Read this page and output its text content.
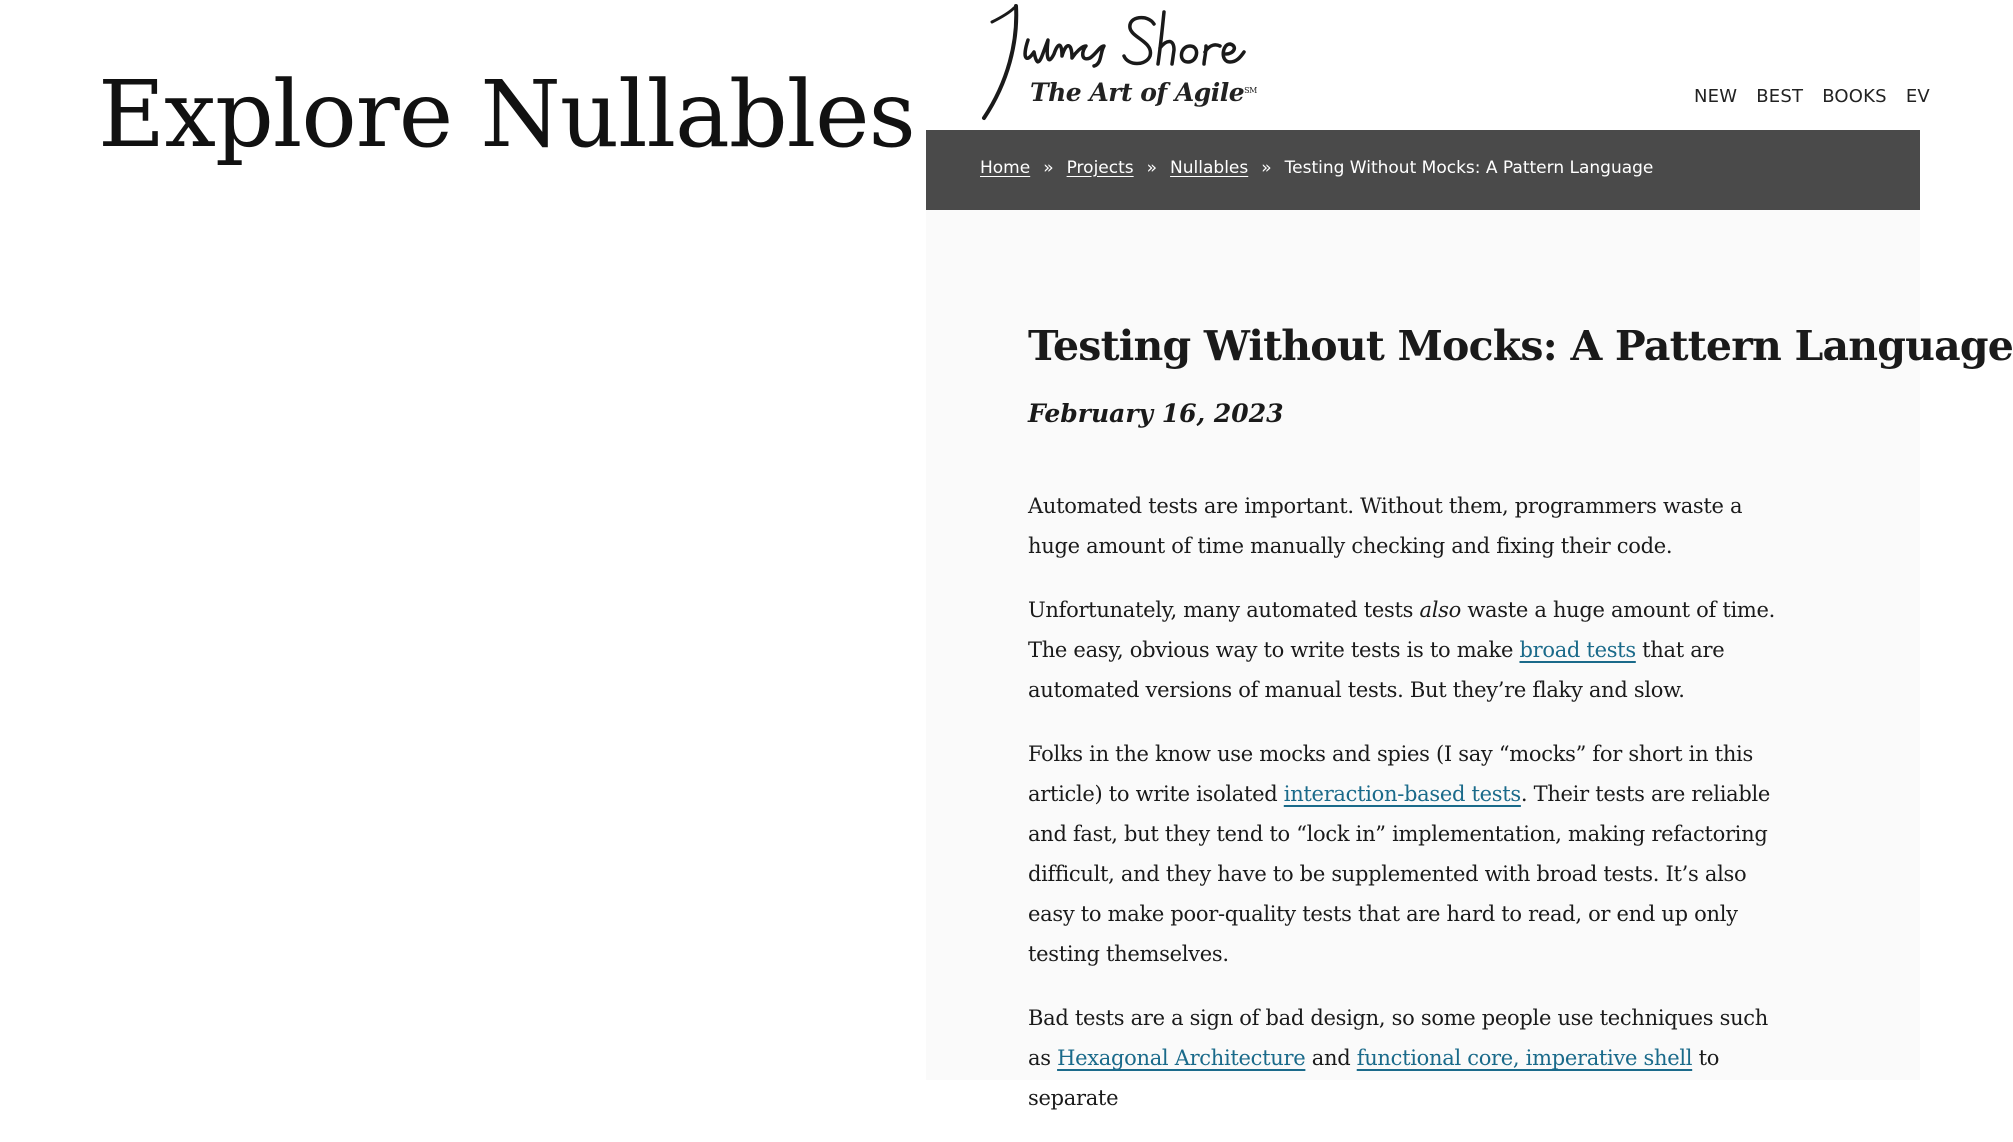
Explore Nullables	The Art of Agile℠	NEW BEST BOOKS EV
Home » Projects » Nullables » Testing Without Mocks: A Pattern Language
Testing Without Mocks: A Pattern Language
February 16, 2023

Automated tests are important. Without them, programmers waste a huge amount of time manually checking and fixing their code.

Unfortunately, many automated tests also waste a huge amount of time. The easy, obvious way to write tests is to make broad tests that are automated versions of manual tests. But they’re flaky and slow.

Folks in the know use mocks and spies (I say “mocks” for short in this article) to write isolated interaction-based tests. Their tests are reliable and fast, but they tend to “lock in” implementation, making refactoring difficult, and they have to be supplemented with broad tests. It’s also easy to make poor-quality tests that are hard to read, or end up only testing themselves.

Bad tests are a sign of bad design, so some people use techniques such as Hexagonal Architecture and functional core, imperative shell to separate
